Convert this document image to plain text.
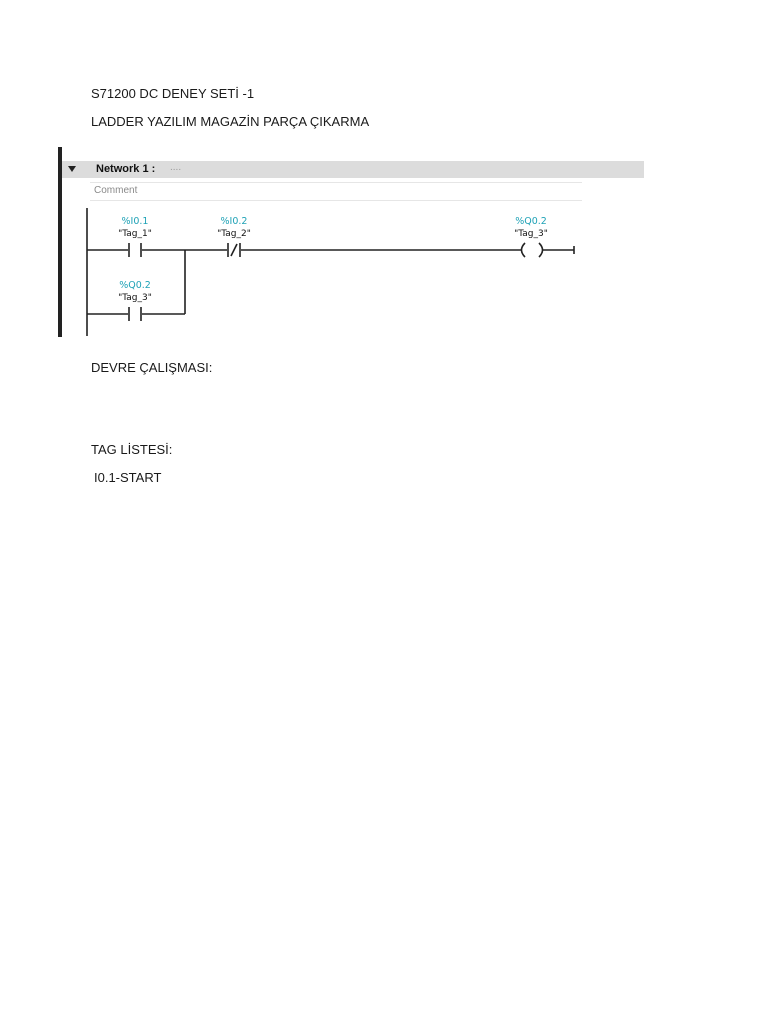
S71200 DC DENEY SETİ -1
LADDER YAZILIM MAGAZİN PARÇA ÇIKARMA
Network 1 : ....
Comment
%I0.1
"Tag_1"
%I0.2
"Tag_2"
%Q0.2
"Tag_3"
%Q0.2
"Tag_3"
DEVRE ÇALIŞMASI:
TAG LİSTESİ:
I0.1-START
